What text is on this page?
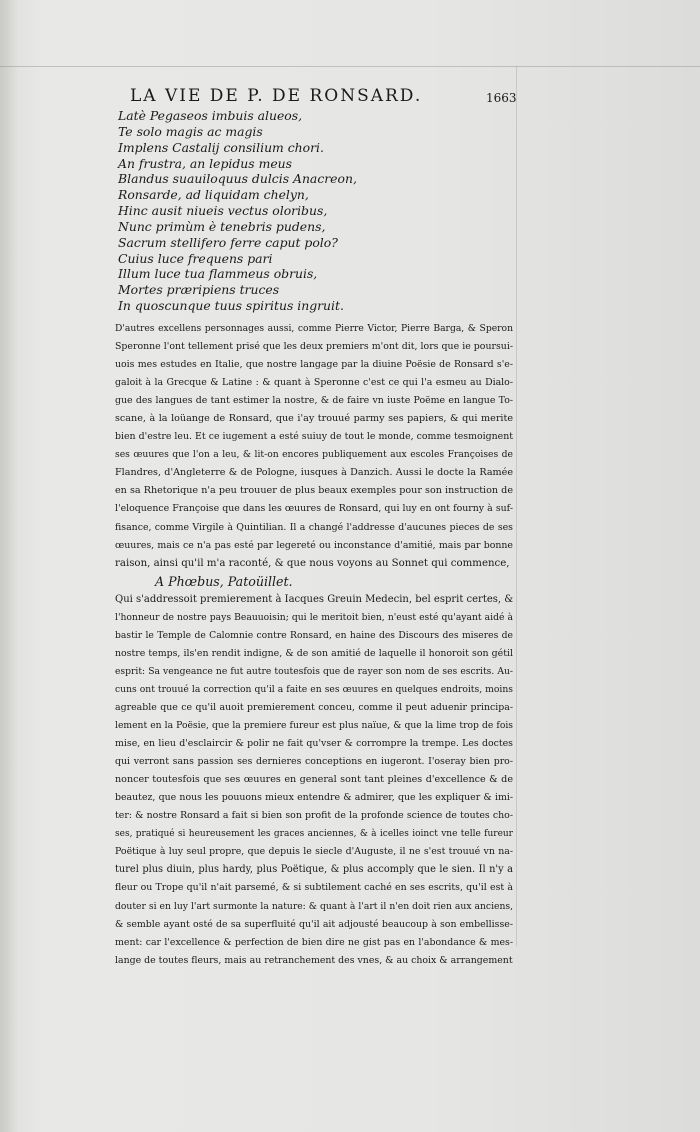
LA VIE DE P. DE RONSARD.	1663
Latè Pegaseos imbuis alueos,
Te solo magis ac magis
Implens Castalij consilium chori.
An frustra, an lepidus meus
Blandus suauiloquus dulcis Anacreon,
Ronsarde, ad liquidam chelyn,
Hinc ausit niueis vectus oloribus,
Nunc primùm è tenebris pudens,
Sacrum stellifero ferre caput polo?
Cuius luce frequens pari
Illum luce tua flammeus obruis,
Mortes præripiens truces
In quoscunque tuus spiritus ingruit.
D'autres excellens personnages aussi, comme Pierre Victor, Pierre Barga, & Speron
Speronne l'ont tellement prisé que les deux premiers m'ont dit, lors que ie poursui-
uois mes estudes en Italie, que nostre langage par la diuine Poësie de Ronsard s'e-
galoit à la Grecque & Latine : & quant à Speronne c'est ce qui l'a esmeu au Dialo-
gue des langues de tant estimer la nostre, & de faire vn iuste Poëme en langue To-
scane, à la loüange de Ronsard, que i'ay trouué parmy ses papiers, & qui merite
bien d'estre leu. Et ce iugement a esté suiuy de tout le monde, comme tesmoignent
ses œuures que l'on a leu, & lit-on encores publiquement aux escoles Françoises de
Flandres, d'Angleterre & de Pologne, iusques à Danzich. Aussi le docte la Ramée
en sa Rhetorique n'a peu trouuer de plus beaux exemples pour son instruction de
l'eloquence Françoise que dans les œuures de Ronsard, qui luy en ont fourny à suf-
fisance, comme Virgile à Quintilian. Il a changé l'addresse d'aucunes pieces de ses
œuures, mais ce n'a pas esté par legereté ou inconstance d'amitié, mais par bonne
raison, ainsi qu'il m'a raconté, & que nous voyons au Sonnet qui commence,
A Phœbus, Patoüillet.
Qui s'addressoit premierement à Iacques Greuin Medecin, bel esprit certes, &
l'honneur de nostre pays Beauuoisin; qui le meritoit bien, n'eust esté qu'ayant aidé à
bastir le Temple de Calomnie contre Ronsard, en haine des Discours des miseres de
nostre temps, ils'en rendit indigne, & de son amitié de laquelle il honoroit son gétil
esprit: Sa vengeance ne fut autre toutesfois que de rayer son nom de ses escrits. Au-
cuns ont trouué la correction qu'il a faite en ses œuures en quelques endroits, moins
agreable que ce qu'il auoit premierement conceu, comme il peut aduenir principa-
lement en la Poësie, que la premiere fureur est plus naïue, & que la lime trop de fois
mise, en lieu d'esclaircir & polir ne fait qu'vser & corrompre la trempe. Les doctes
qui verront sans passion ses dernieres conceptions en iugeront. I'oseray bien pro-
noncer toutesfois que ses œuures en general sont tant pleines d'excellence & de
beautez, que nous les pouuons mieux entendre & admirer, que les expliquer & imi-
ter: & nostre Ronsard a fait si bien son profit de la profonde science de toutes cho-
ses, pratiqué si heureusement les graces anciennes, & à icelles ioinct vne telle fureur
Poëtique à luy seul propre, que depuis le siecle d'Auguste, il ne s'est trouué vn na-
turel plus diuin, plus hardy, plus Poëtique, & plus accomply que le sien. Il n'y a
fleur ou Trope qu'il n'ait parsemé, & si subtilement caché en ses escrits, qu'il est à
douter si en luy l'art surmonte la nature: & quant à l'art il n'en doit rien aux anciens,
& semble ayant osté de sa superfluité qu'il ait adjousté beaucoup à son embellisse-
ment: car l'excellence & perfection de bien dire ne gist pas en l'abondance & mes-
lange de toutes fleurs, mais au retranchement des vnes, & au choix & arrangement
